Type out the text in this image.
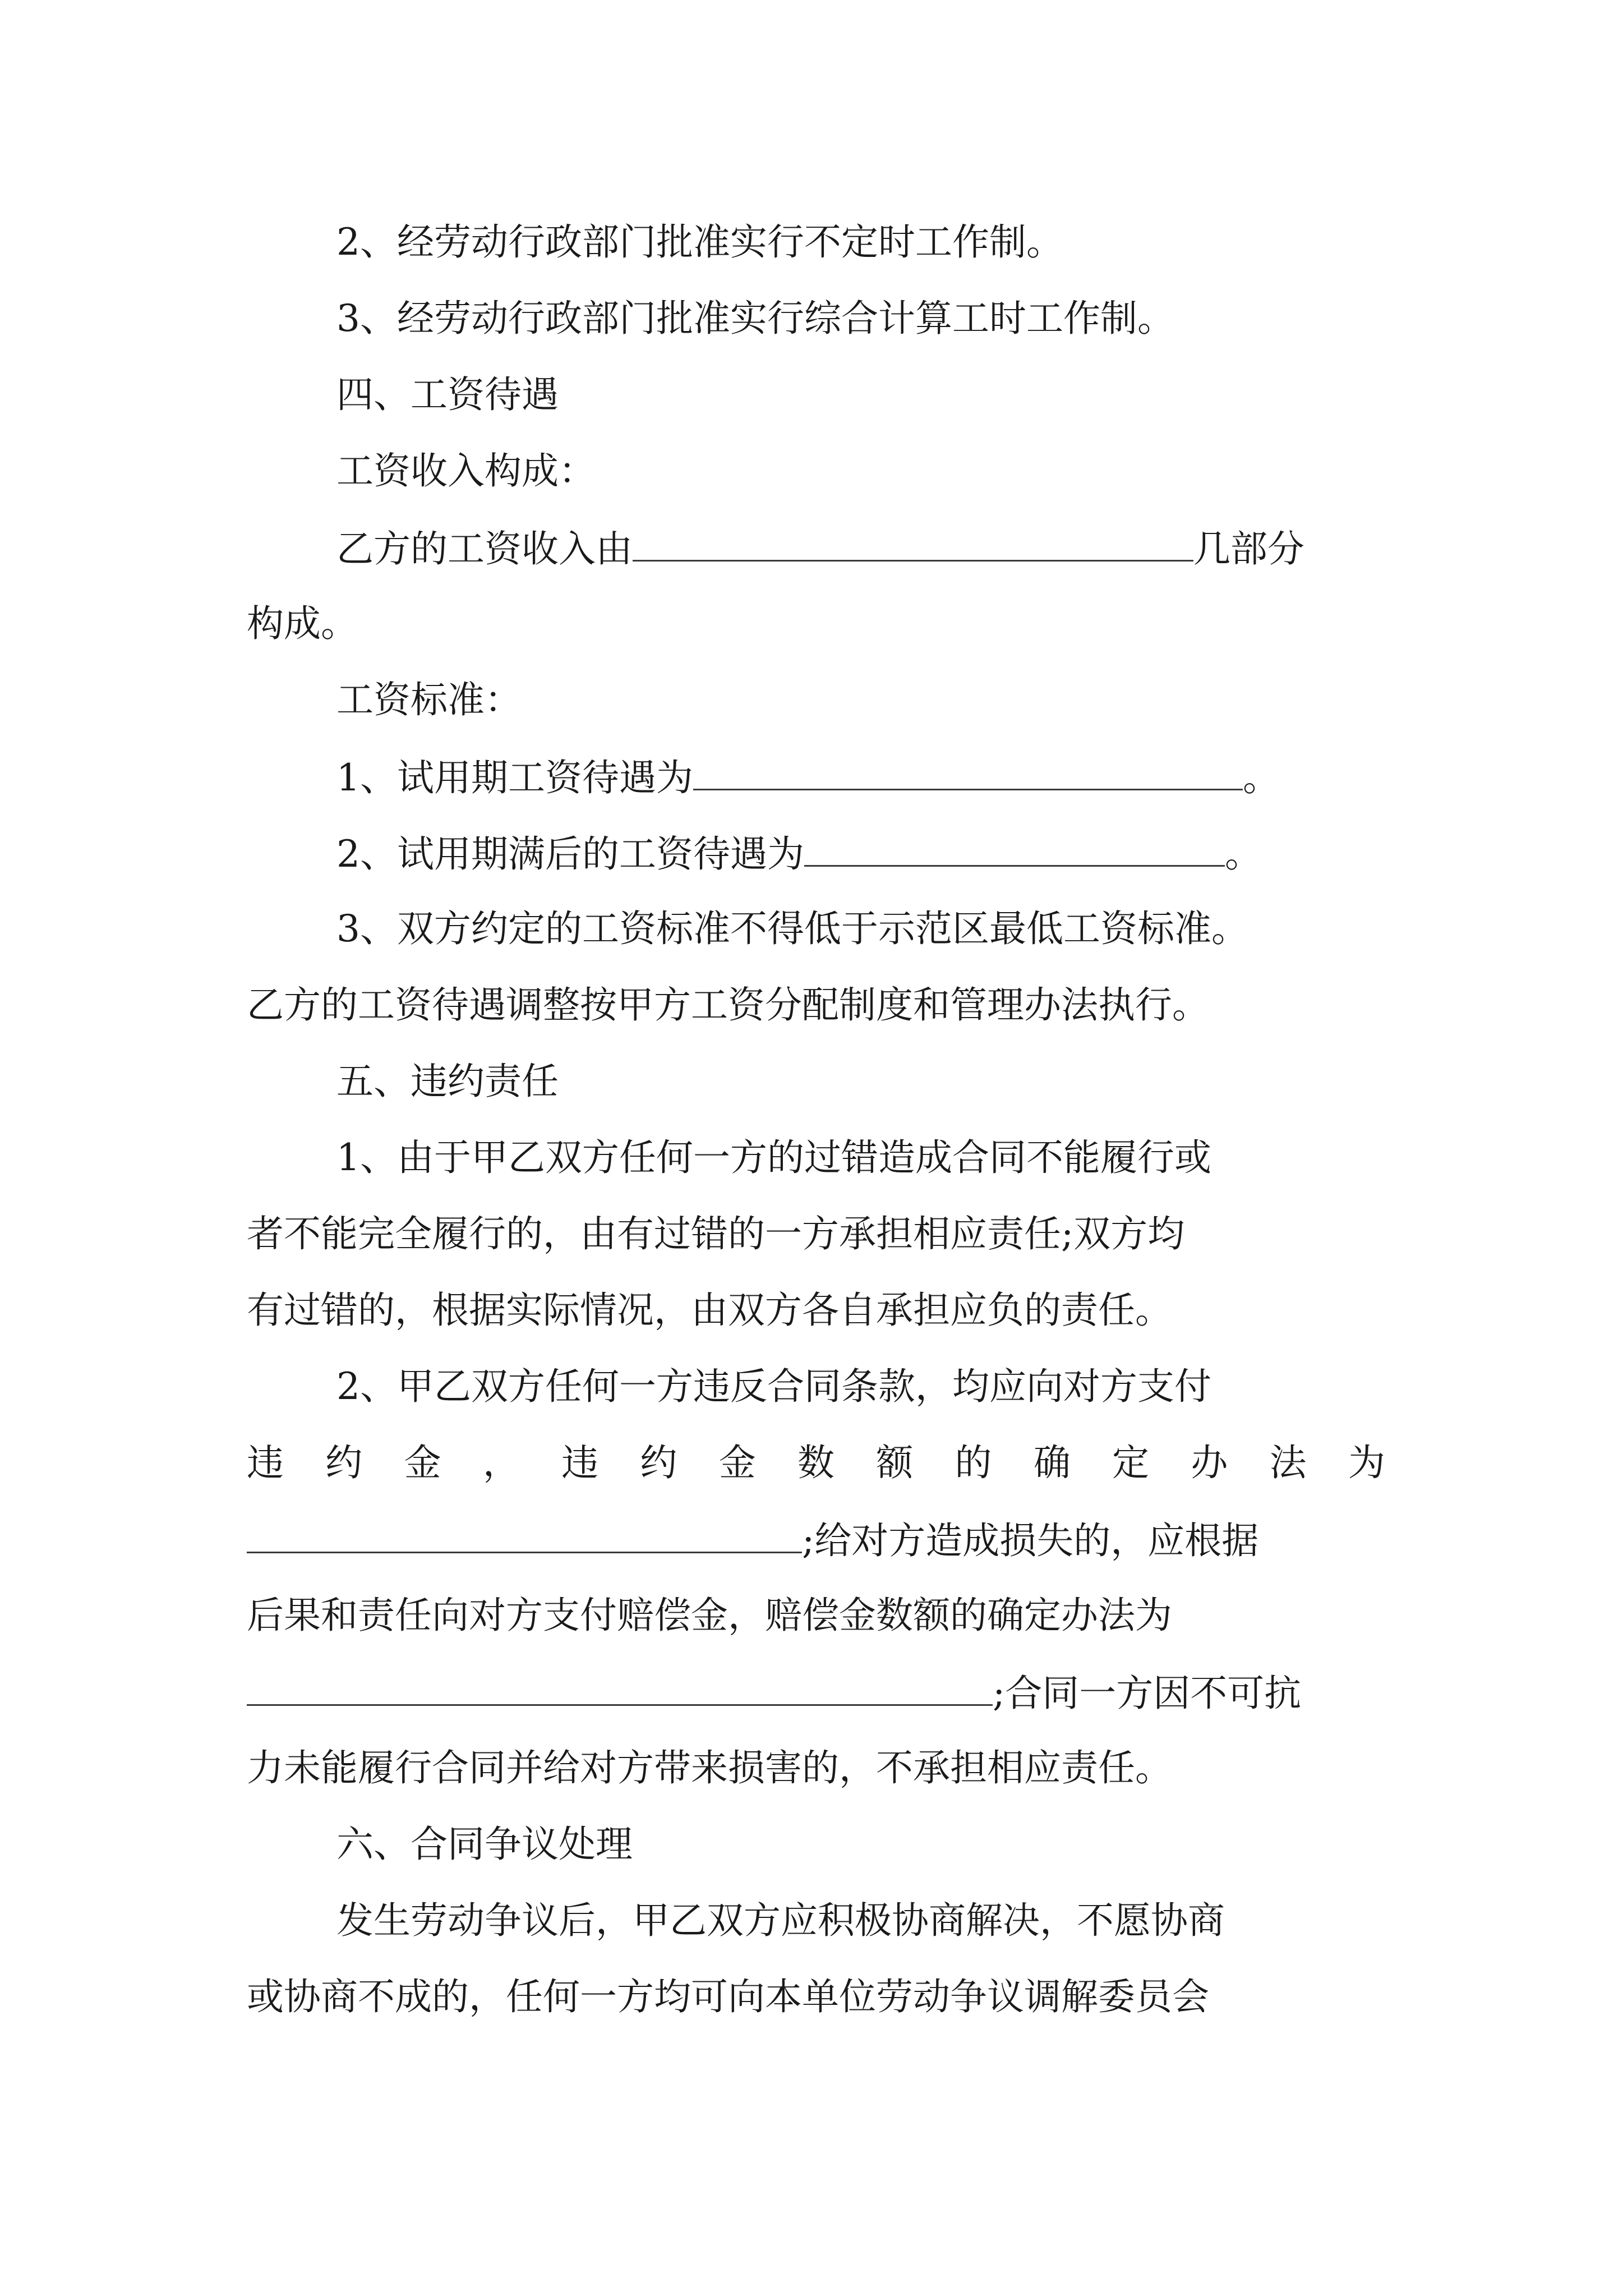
2、经劳动行政部门批准实行不定时工作制。
3、经劳动行政部门批准实行综合计算工时工作制。
四、工资待遇
工资收入构成：
乙方的工资收入由	几部分
构成。
工资标准：
1、试用期工资待遇为	。
2、试用期满后的工资待遇为	。
3、双方约定的工资标准不得低于示范区最低工资标准。
乙方的工资待遇调整按甲方工资分配制度和管理办法执行。
五、违约责任
1、由于甲乙双方任何一方的过错造成合同不能履行或
者不能完全履行的，由有过错的一方承担相应责任;双方均
有过错的，根据实际情况，由双方各自承担应负的责任。
2、甲乙双方任何一方违反合同条款，均应向对方支付
违 约 金 ， 违 约 金 数 额 的 确 定 办 法 为
;给对方造成损失的，应根据
后果和责任向对方支付赔偿金，赔偿金数额的确定办法为
;合同一方因不可抗
力未能履行合同并给对方带来损害的，不承担相应责任。
六、合同争议处理
发生劳动争议后，甲乙双方应积极协商解决，不愿协商
或协商不成的，任何一方均可向本单位劳动争议调解委员会
